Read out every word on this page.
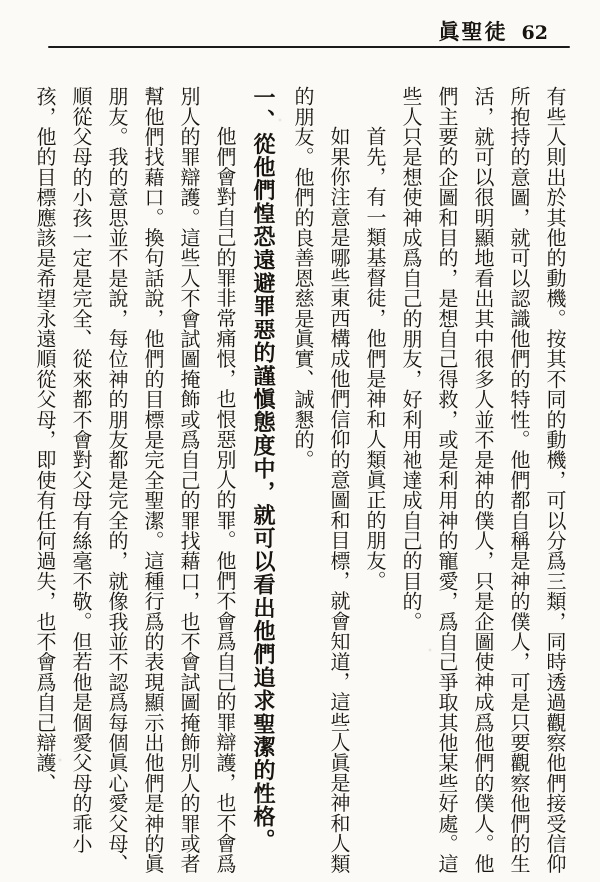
眞聖徒 62

有些人則出於其他的動機。按其不同的動機，可以分爲三類，同時透過觀察他們接受信仰所抱持的意圖，就可以認識他們的特性。他們都自稱是神的僕人，可是只要觀察他們的生活，就可以很明顯地看出其中很多人並不是神的僕人，只是企圖使神成爲他們的僕人。他們主要的企圖和目的，是想自己得救，或是利用神的寵愛，爲自己爭取其他某些好處。這些人只是想使神成爲自己的朋友，好利用祂達成自己的目的。

首先，有一類基督徒，他們是神和人類眞正的朋友。

如果你注意是哪些東西構成他們信仰的意圖和目標，就會知道，這些人眞是神和人類的朋友。他們的良善恩慈是眞實、誠懇的。

一、從他們惶恐遠避罪惡的謹愼態度中，就可以看出他們追求聖潔的性格。

他們會對自己的罪非常痛恨，也恨惡別人的罪。他們不會爲自己的罪辯護，也不會爲別人的罪辯護。這些人不會試圖掩飾或爲自己的罪找藉口，也不會試圖掩飾別人的罪或者幫他們找藉口。換句話說，他們的目標是完全聖潔。這種行爲的表現顯示出他們是神的眞朋友。我的意思並不是說，每位神的朋友都是完全的，就像我並不認爲每個眞心愛父母、順從父母的小孩一定是完全、從來都不會對父母有絲毫不敬。但若他是個愛父母的乖小孩，他的目標應該是希望永遠順從父母，即使有任何過失，也不會爲自己辯護、
